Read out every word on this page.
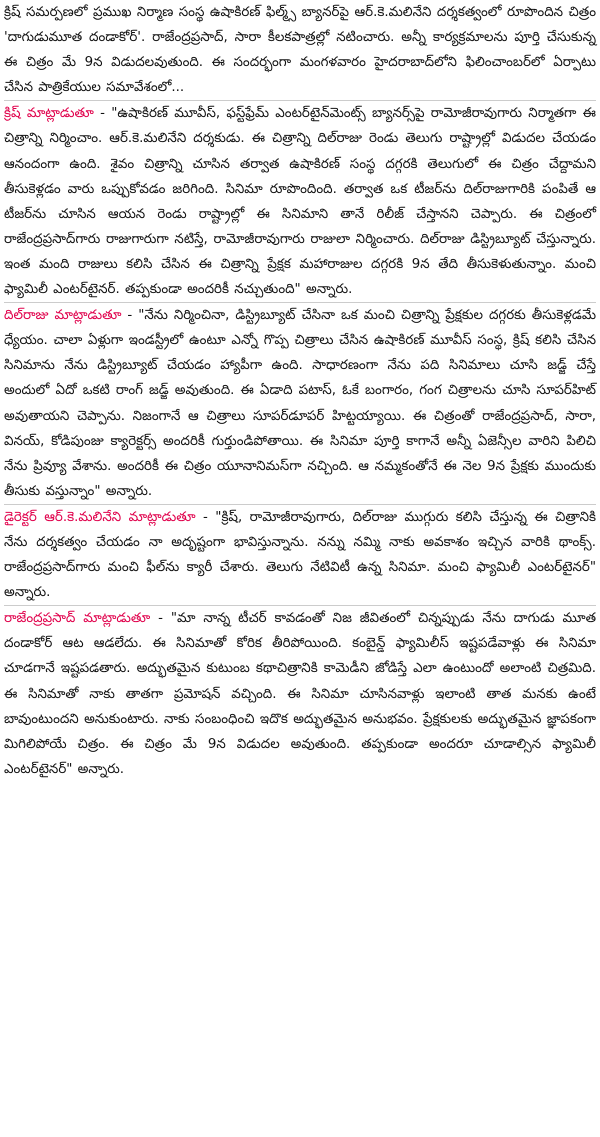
క్రిష్ సమర్పణలో ప్రముఖ నిర్మాణ సంస్థ ఉషాకిరణ్ ఫిల్మ్స్ బ్యానర్‌పై ఆర్.కె.మలినేని దర్శకత్వంలో రూపొందిన చిత్రం 'దాగుడుమూత దండాకోర్'. రాజేంద్రప్రసాద్, సారా కీలకపాత్రల్లో నటించారు. అన్నీ కార్యక్రమాలను పూర్తి చేసుకున్న ఈ చిత్రం మే 9న విడుదలవుతుంది. ఈ సందర్భంగా మంగళవారం హైదరాబాద్‌లోని ఫిలించాంబర్‌లో ఏర్పాటు చేసిన పాత్రికేయుల సమావేశంలో...

క్రిష్ మాట్లాడుతూ - "ఉషాకిరణ్ మూవీస్, ఫస్ట్‌ఫ్రేమ్ ఎంటర్‌టైన్‌మెంట్స్ బ్యానర్స్‌పై రామోజీరావుగారు నిర్మాతగా ఈ చిత్రాన్ని నిర్మించాం. ఆర్.కె.మలినేని దర్శకుడు. ఈ చిత్రాన్ని దిల్‌రాజు రెండు తెలుగు రాష్ట్రాల్లో విడుదల చేయడం ఆనందంగా ఉంది. శైవం చిత్రాన్ని చూసిన తర్వాత ఉషాకిరణ్ సంస్థ దగ్గరకి తెలుగులో ఈ చిత్రం చేద్దామని తీసుకెళ్లడం వారు ఒప్పుకోవడం జరిగింది. సినిమా రూపొందింది. తర్వాత ఒక టీజర్‌ను దిల్‌రాజుగారికి పంపితే ఆ టీజర్‌ను చూసిన ఆయన రెండు రాష్ట్రాల్లో ఈ సినిమాని తానే రిలీజ్ చేస్తానని చెప్పారు. ఈ చిత్రంలో రాజేంద్రప్రసాద్‌గారు రాజుగారుగా నటిస్తే, రామోజీరావుగారు రాజులా నిర్మించారు. దిల్‌రాజు డిస్ట్రిబ్యూట్ చేస్తున్నారు. ఇంత మంది రాజులు కలిసి చేసిన ఈ చిత్రాన్ని ప్రేక్షక మహారాజుల దగ్గరకి 9న తేది తీసుకెళుతున్నాం. మంచి ఫ్యామిలీ ఎంటర్‌టైనర్. తప్పకుండా అందరికీ నచ్చుతుంది" అన్నారు.

దిల్‌రాజు మాట్లాడుతూ - "నేను నిర్మించినా, డిస్ట్రిబ్యూట్ చేసినా ఒక మంచి చిత్రాన్ని ప్రేక్షకుల దగ్గరకు తీసుకెళ్లడమే ధ్యేయం. చాలా ఏళ్లుగా ఇండస్ట్రీలో ఉంటూ ఎన్నో గొప్ప చిత్రాలు చేసిన ఉషాకిరణ్ మూవీస్ సంస్థ, క్రిష్ కలిసి చేసిన సినిమాను నేను డిస్ట్రిబ్యూట్ చేయడం హ్యాపీగా ఉంది. సాధారణంగా నేను పది సినిమాలు చూసి జడ్జ్ చేస్తే అందులో ఏదో ఒకటి రాంగ్ జడ్జ్ అవుతుంది. ఈ ఏడాది పటాస్, ఓకే బంగారం, గంగ చిత్రాలను చూసి సూపర్‌హిట్ అవుతాయని చెప్పాను. నిజంగానే ఆ చిత్రాలు సూపర్‌డూపర్ హిట్టయ్యాయి. ఈ చిత్రంతో రాజేంద్రప్రసాద్, సారా, వినయ్, కోడిపుంజు క్యారెక్టర్స్ అందరికీ గుర్తుండిపోతాయి. ఈ సినిమా పూర్తి కాగానే అన్నీ ఏజెన్సీల వారిని పిలిచి నేను ప్రివ్యూ వేశాను. అందరికీ ఈ చిత్రం యూనానిమస్‌గా నచ్చింది. ఆ నమ్మకంతోనే ఈ నెల 9న ప్రేక్షకు ముందుకు తీసుకు వస్తున్నాం" అన్నారు.

డైరెక్టర్ ఆర్.కె.మలినేని మాట్లాడుతూ - "క్రిష్, రామోజీరావుగారు, దిల్‌రాజు ముగ్గురు కలిసి చేస్తున్న ఈ చిత్రానికి నేను దర్శకత్వం చేయడం నా అదృష్టంగా భావిస్తున్నాను. నన్ను నమ్మి నాకు అవకాశం ఇచ్చిన వారికి థాంక్స్. రాజేంద్రప్రసాద్‌గారు మంచి ఫీల్‌ను క్యారీ చేశారు. తెలుగు నేటివిటీ ఉన్న సినిమా. మంచి ఫ్యామిలీ ఎంటర్‌టైనర్" అన్నారు.

రాజేంద్రప్రసాద్ మాట్లాడుతూ - "మా నాన్న టీచర్ కావడంతో నిజ జీవితంలో చిన్నప్పుడు నేను దాగుడు మూత దండాకోర్ ఆట ఆడలేదు. ఈ సినిమాతో కోరిక తీరిపోయింది. కంబైన్డ్ ఫ్యామిలీస్ ఇష్టపడేవాళ్లు ఈ సినిమా చూడగానే ఇష్టపడతారు. అద్భుతమైన కుటుంబ కథాచిత్రానికి కామెడీని జోడిస్తే ఎలా ఉంటుందో అలాంటి చిత్రమిది. ఈ సినిమాతో నాకు తాతగా ప్రమోషన్ వచ్చింది. ఈ సినిమా చూసినవాళ్లు ఇలాంటి తాత మనకు ఉంటే బావుంటుందని అనుకుంటారు. నాకు సంబంధించి ఇదొక అద్భుతమైన అనుభవం. ప్రేక్షకులకు అద్భుతమైన జ్ఞాపకంగా మిగిలిపోయే చిత్రం. ఈ చిత్రం మే 9న విడుదల అవుతుంది. తప్పకుండా అందరూ చూడాల్సిన ఫ్యామిలీ ఎంటర్‌టైనర్" అన్నారు.
